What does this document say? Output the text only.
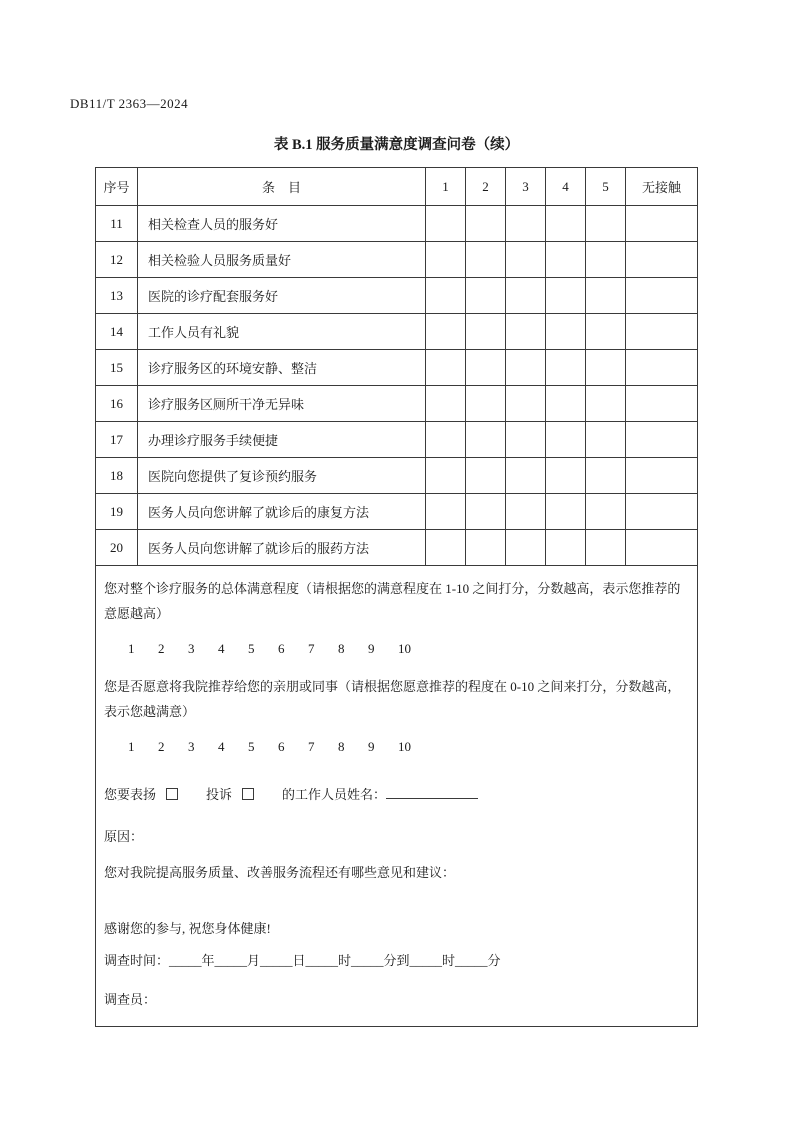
DB11/T 2363—2024
表 B.1 服务质量满意度调查问卷（续）
序号	条　目	1	2	3	4	5	无接触
11	相关检查人员的服务好						
12	相关检验人员服务质量好						
13	医院的诊疗配套服务好						
14	工作人员有礼貌						
15	诊疗服务区的环境安静、整洁						
16	诊疗服务区厕所干净无异味						
17	办理诊疗服务手续便捷						
18	医院向您提供了复诊预约服务						
19	医务人员向您讲解了就诊后的康复方法						
20	医务人员向您讲解了就诊后的服药方法						

您对整个诊疗服务的总体满意程度（请根据您的满意程度在 1-10 之间打分，分数越高，表示您推荐的意愿越高）

1 2 3 4 5 6 7 8 9 10

您是否愿意将我院推荐给您的亲朋或同事（请根据您愿意推荐的程度在 0-10 之间来打分，分数越高，表示您越满意）

1 2 3 4 5 6 7 8 9 10

您要表扬	投诉	的工作人员姓名：

原因：

您对我院提高服务质量、改善服务流程还有哪些意见和建议：

感谢您的参与, 祝您身体健康!

调查时间：_____年_____月_____日_____时_____分到_____时_____分

调查员：
